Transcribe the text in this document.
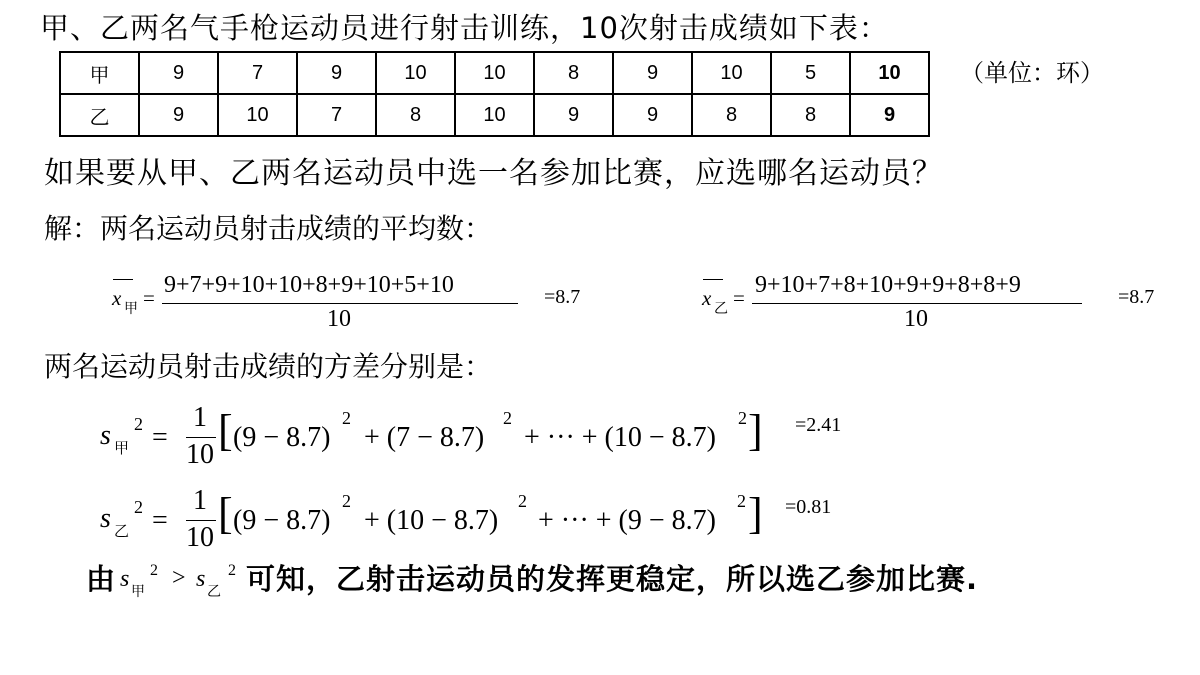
甲、乙两名气手枪运动员进行射击训练，10次射击成绩如下表：
甲	9	7	9	10	10	8	9	10	5	10
乙	9	10	7	8	10	9	9	8	8	9
（单位：环）
如果要从甲、乙两名运动员中选一名参加比赛，应选哪名运动员？
解：两名运动员射击成绩的平均数：
x 甲 = 9+7+9+10+10+8+9+10+5+10
10
=8.7	x 乙 = 9+10+7+8+10+9+9+8+8+9
10
=8.7
两名运动员射击成绩的方差分别是：
s 甲
2 =
1
10 [ (9 − 8.7)
2
+ (7 − 8.7)
2
+ ··· + (10 − 8.7)
2 ] =2.41
s 乙
2 =
1
10 [ (9 − 8.7)
2
+ (10 − 8.7)
2
+ ··· + (9 − 8.7)
2 ] =0.81
由 s 甲
2 > s 乙
2 可知，乙射击运动员的发挥更稳定，所以选乙参加比赛.
